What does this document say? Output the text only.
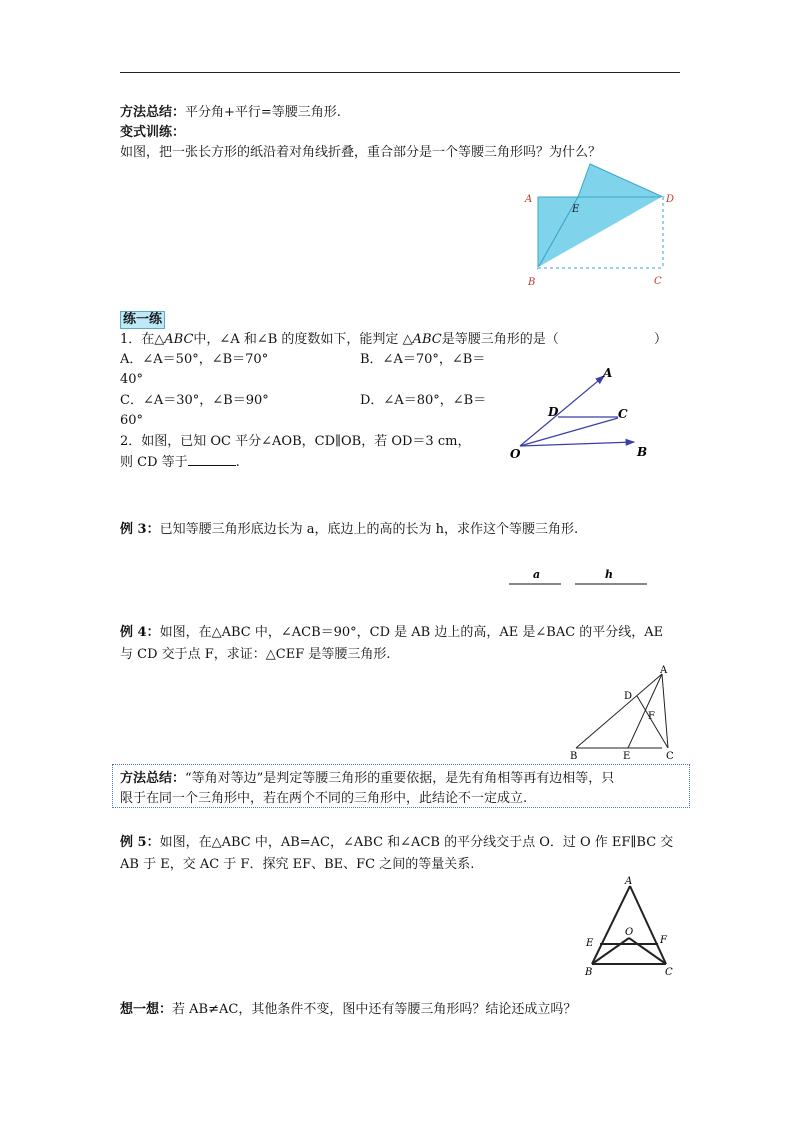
方法总结：平分角+平行=等腰三角形.
变式训练：
如图，把一张长方形的纸沿着对角线折叠，重合部分是一个等腰三角形吗？为什么？
A
E
D
B	C
练一练
1．在△ABC中，∠A 和∠B 的度数如下，能判定 △ABC是等腰三角形的是（	）
A．∠A＝50°，∠B＝70°	B．∠A＝70°，∠B＝
40°
C．∠A＝30°，∠B＝90°	D．∠A＝80°，∠B＝
60°
2．如图，已知 OC 平分∠AOB，CD∥OB，若 OD＝3 cm，
则 CD 等于	.
A
D	C
O	B
例 3：已知等腰三角形底边长为 a，底边上的高的长为 h，求作这个等腰三角形.
a	h
例 4：如图，在△ABC 中，∠ACB＝90°，CD 是 AB 边上的高，AE 是∠BAC 的平分线，AE
与 CD 交于点 F，求证：△CEF 是等腰三角形.
A
D
F
B	E	C
方法总结：“等角对等边”是判定等腰三角形的重要依据，是先有角相等再有边相等，只
限于在同一个三角形中，若在两个不同的三角形中，此结论不一定成立.
例 5：如图，在△ABC 中，AB=AC，∠ABC 和∠ACB 的平分线交于点 O．过 O 作 EF∥BC 交
AB 于 E，交 AC 于 F．探究 EF、BE、FC 之间的等量关系.
A
O
E	F
B	C
想一想：若 AB≠AC，其他条件不变，图中还有等腰三角形吗？结论还成立吗？
